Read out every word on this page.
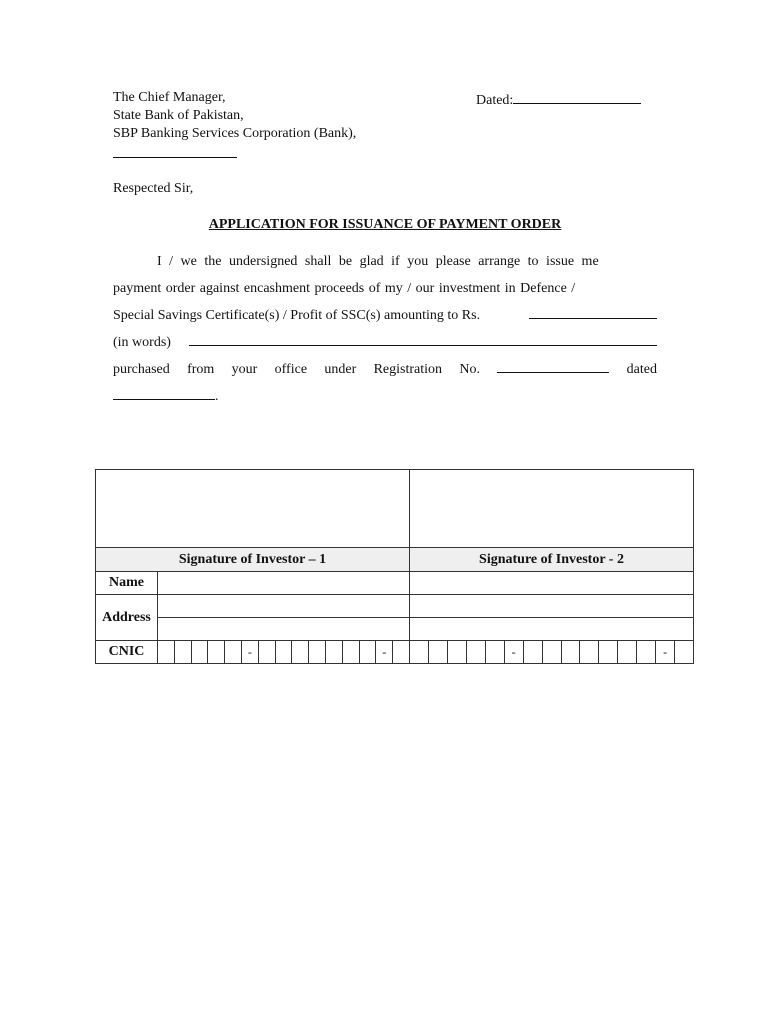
The Chief Manager,
State Bank of Pakistan,
SBP Banking Services Corporation (Bank),
Dated:
Respected Sir,
APPLICATION FOR ISSUANCE OF PAYMENT ORDER
I / we the undersigned shall be glad if you please arrange to issue me
payment order against encashment proceeds of my / our investment in Defence /
Special Savings Certificate(s) / Profit of SSC(s) amounting to Rs.
(in words)
purchased from your office under Registration No.	dated
.

Signature of Investor – 1		Signature of Investor - 2
Name		
Address		

CNIC	- -	- -
